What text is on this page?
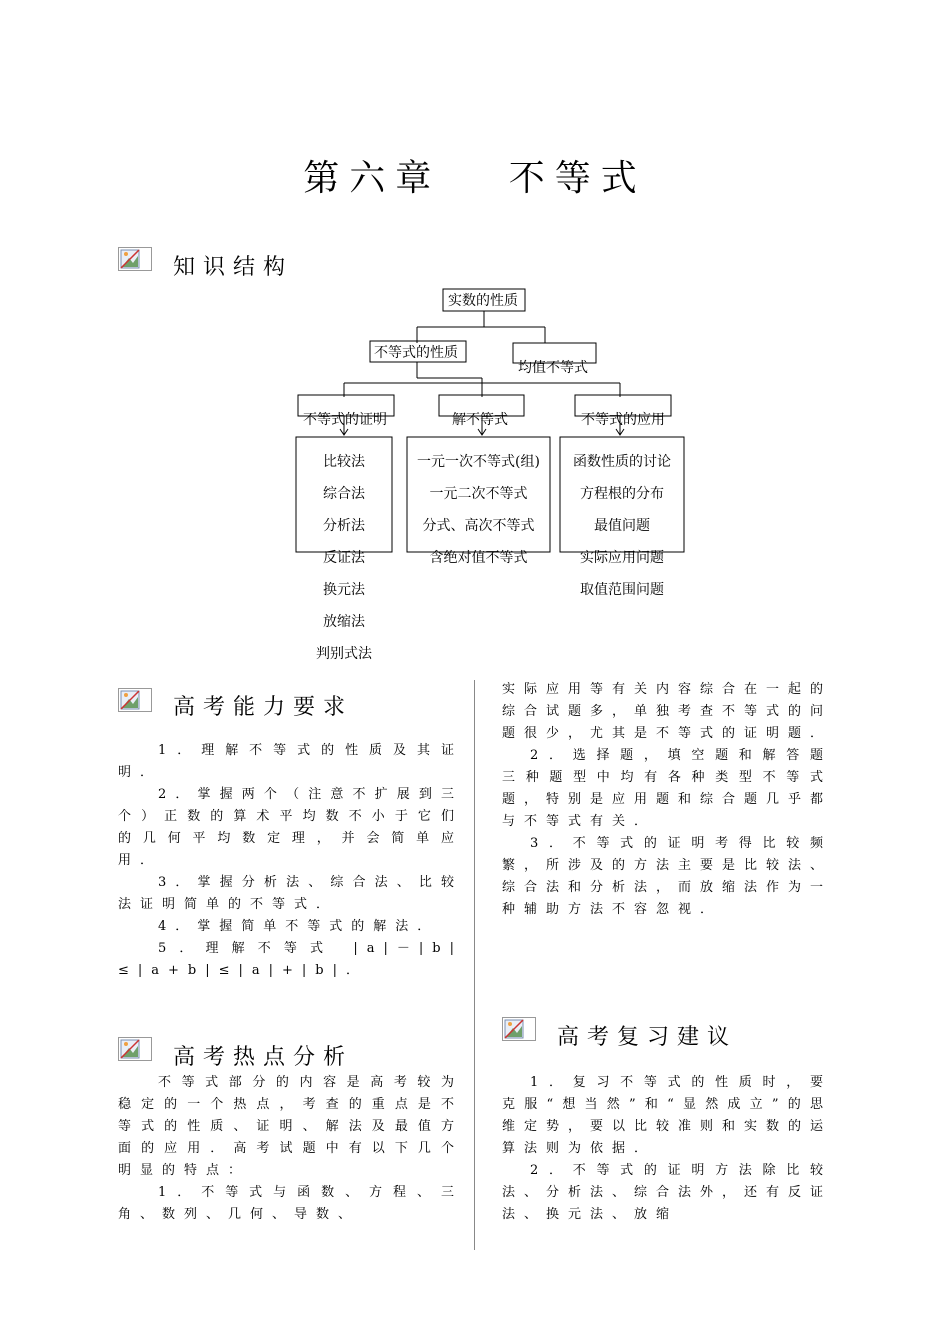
第六章　 不等式
知识结构
实数的性质
不等式的性质
均值不等式
不等式的证明	解不等式	不等式的应用
比较法
综合法
分析法
反证法
换元法
放缩法
判别式法
一元一次不等式(组)
一元二次不等式
分式、高次不等式
含绝对值不等式
函数性质的讨论
方程根的分布
最值问题
实际应用问题
取值范围问题
高考能力要求

1．理解不等式的性质及其证明．

2．掌握两个（注意不扩展到三个）正数的算术平均数不小于它们的几何平均数定理，并会简单应用．

3．掌握分析法、综合法、比较法证明简单的不等式．

4．掌握简单不等式的解法．

5．理解不等式 |a|－|b|≤|a+b|≤|a|+|b|．

高考热点分析

不等式部分的内容是高考较为稳定的一个热点，考查的重点是不等式的性质、证明、解法及最值方面的应用．高考试题中有以下几个明显的特点：

1．不等式与函数、方程、三角、数列、几何、导数、

实际应用等有关内容综合在一起的综合试题多，单独考查不等式的问题很少，尤其是不等式的证明题．

2．选择题，填空题和解答题三种题型中均有各种类型不等式题，特别是应用题和综合题几乎都与不等式有关．

3．不等式的证明考得比较频繁，所涉及的方法主要是比较法、综合法和分析法，而放缩法作为一种辅助方法不容忽视．

高考复习建议

1．复习不等式的性质时，要克服“想当然”和“显然成立”的思维定势，要以比较准则和实数的运算法则为依据．

2．不等式的证明方法除比较法、分析法、综合法外，还有反证法、换元法、放缩
